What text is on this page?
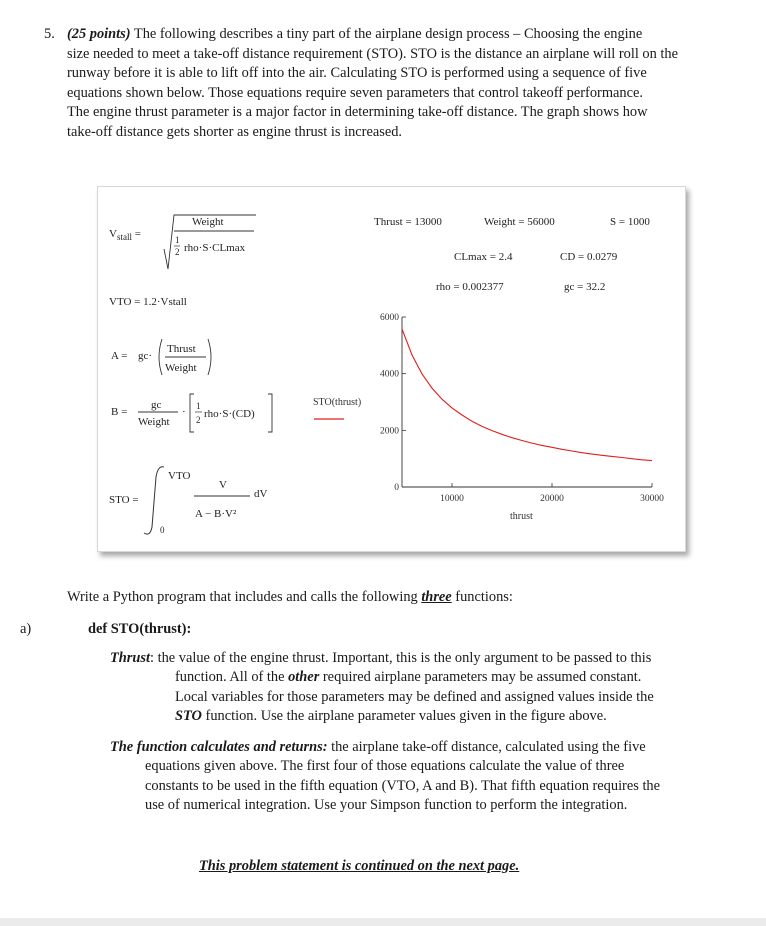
5. (25 points) The following describes a tiny part of the airplane design process – Choosing the engine
size needed to meet a take-off distance requirement (STO). STO is the distance an airplane will roll on the
runway before it is able to lift off into the air. Calculating STO is performed using a sequence of five
equations shown below. Those equations require seven parameters that control takeoff performance.
The engine thrust parameter is a major factor in determining take-off distance. The graph shows how
take-off distance gets shorter as engine thrust is increased.
$V_{stall}$ =
Weight
1
2 rho·S·CLmax
VTO = 1.2·Vstall
A = gc·
Thrust
Weight
B =
gc
Weight
· 1
2 rho·S·(CD)
STO =
VTO
0
V
A − B·V²
dV
Thrust = 13000	Weight = 56000	S = 1000
CLmax = 2.4	CD = 0.0279
rho = 0.002377	gc = 32.2
STO(thrust)
thrust
0
2000
4000
6000
10000	20000	30000
Write a Python program that includes and calls the following three functions:
a)	def STO(thrust):
Thrust: the value of the engine thrust. Important, this is the only argument to be passed to this
function. All of the other required airplane parameters may be assumed constant.
Local variables for those parameters may be defined and assigned values inside the
STO function. Use the airplane parameter values given in the figure above.
The function calculates and returns: the airplane take-off distance, calculated using the five
equations given above. The first four of those equations calculate the value of three
constants to be used in the fifth equation (VTO, A and B). That fifth equation requires the
use of numerical integration. Use your Simpson function to perform the integration.
This problem statement is continued on the next page.
